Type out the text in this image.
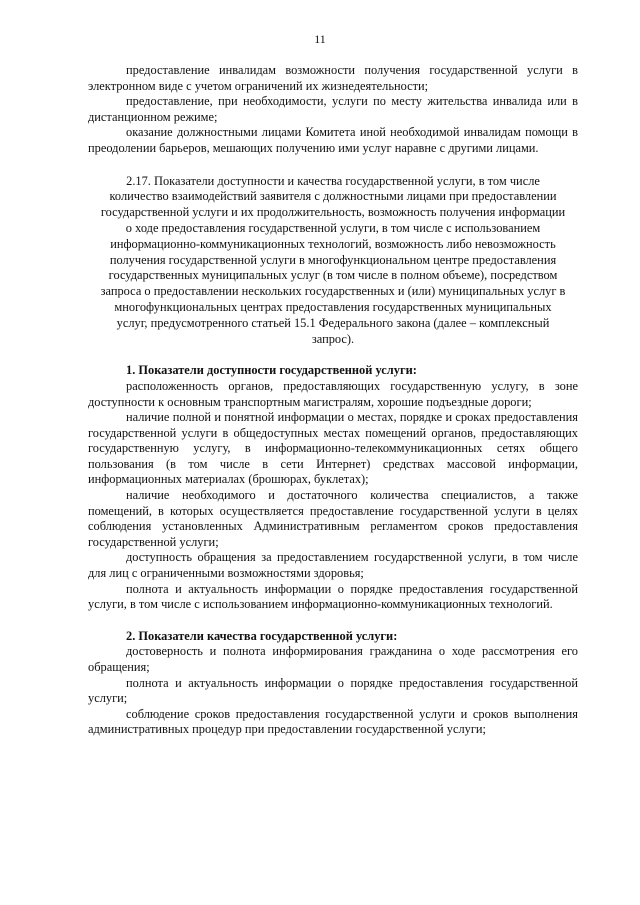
11

предоставление инвалидам возможности получения государственной услуги в электронном виде с учетом ограничений их жизнедеятельности;

предоставление, при необходимости, услуги по месту жительства инвалида или в дистанционном режиме;

оказание должностными лицами Комитета иной необходимой инвалидам помощи в преодолении барьеров, мешающих получению ими услуг наравне с другими лицами.

2.17. Показатели доступности и качества государственной услуги, в том числе количество взаимодействий заявителя с должностными лицами при предоставлении государственной услуги и их продолжительность, возможность получения информации о ходе предоставления государственной услуги, в том числе с использованием информационно-коммуникационных технологий, возможность либо невозможность получения государственной услуги в многофункциональном центре предоставления государственных муниципальных услуг (в том числе в полном объеме), посредством запроса о предоставлении нескольких государственных и (или) муниципальных услуг в многофункциональных центрах предоставления государственных муниципальных услуг, предусмотренного статьей 15.1 Федерального закона (далее – комплексный запрос).

1. Показатели доступности государственной услуги:

расположенность органов, предоставляющих государственную услугу, в зоне доступности к основным транспортным магистралям, хорошие подъездные дороги;

наличие полной и понятной информации о местах, порядке и сроках предоставления государственной услуги в общедоступных местах помещений органов, предоставляющих государственную услугу, в информационно-телекоммуникационных сетях общего пользования (в том числе в сети Интернет) средствах массовой информации, информационных материалах (брошюрах, буклетах);

наличие необходимого и достаточного количества специалистов, а также помещений, в которых осуществляется предоставление государственной услуги в целях соблюдения установленных Административным регламентом сроков предоставления государственной услуги;

доступность обращения за предоставлением государственной услуги, в том числе для лиц с ограниченными возможностями здоровья;

полнота и актуальность информации о порядке предоставления государственной услуги, в том числе с использованием информационно-коммуникационных технологий.

2. Показатели качества государственной услуги:

достоверность и полнота информирования гражданина о ходе рассмотрения его обращения;

полнота и актуальность информации о порядке предоставления государственной услуги;

соблюдение сроков предоставления государственной услуги и сроков выполнения административных процедур при предоставлении государственной услуги;
